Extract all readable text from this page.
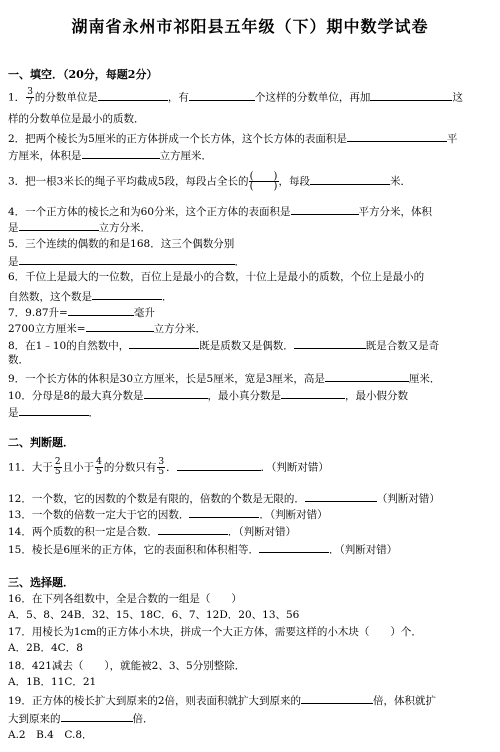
湖南省永州市祁阳县五年级（下）期中数学试卷
一、填空．（20分，每题2分）
1． $\frac{3}{7}$ 的分数单位是	，有	个这样的分数单位，再加	这
样的分数单位是最小的质数．
2．把两个棱长为5厘米的正方体拼成一个长方体，这个长方体的表面积是	平
方厘米，体积是	立方厘米．
3．把一根3米长的绳子平均截成5段，每段占全长的 (　　)
(　　) ，每段	米．
4．一个正方体的棱长之和为60分米，这个正方体的表面积是	平方分米，体积
是	立方分米．
5．三个连续的偶数的和是168．这三个偶数分别
是	．
6．千位上是最大的一位数，百位上是最小的合数，十位上是最小的质数，个位上是最小的
自然数，这个数是	．
7．9.87升=	毫升
2700立方厘米=	立方分米．
8．在1﹣10的自然数中，	既是质数又是偶数．	既是合数又是奇
数．
9．一个长方体的体积是30立方厘米，长是5厘米，宽是3厘米，高是	厘米．
10．分母是8的最大真分数是	，最小真分数是	，最小假分数
是	．
二、判断题．
11．大于 $\frac{2}{5}$ 且小于 $\frac{4}{5}$ 的分数只有 $\frac{3}{5}$ ．	．（判断对错）
12．一个数，它的因数的个数是有限的，倍数的个数是无限的．	（判断对错）
13．一个数的倍数一定大于它的因数．	．（判断对错）
14．两个质数的积一定是合数．	．（判断对错）
15．棱长是6厘米的正方体，它的表面积和体积相等．	．（判断对错）
三、选择题．
16．在下列各组数中，全是合数的一组是（　　）
A．5、8、24B．32、15、18C．6、7、12D．20、13、56
17．用棱长为1cm的正方体小木块，拼成一个大正方体，需要这样的小木块（　　）个．
A．2B．4C．8
18．421减去（　　），就能被2、3、5分别整除．
A．1B．11C．21
19．正方体的棱长扩大到原来的2倍，则表面积就扩大到原来的	倍，体积就扩
大到原来的	倍．
A.2　B.4　C.8．
